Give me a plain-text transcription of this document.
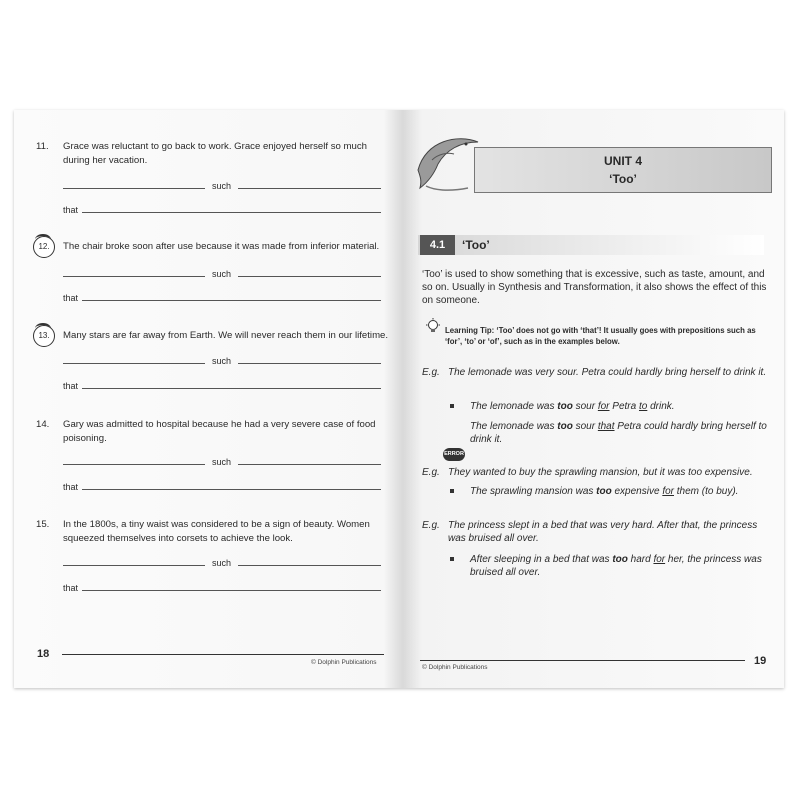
11. Grace was reluctant to go back to work. Grace enjoyed herself so much during her vacation.
such
that
12.	The chair broke soon after use because it was made from inferior material.
such
that
13.	Many stars are far away from Earth. We will never reach them in our lifetime.
such
that
14. Gary was admitted to hospital because he had a very severe case of food poisoning.
such
that
15. In the 1800s, a tiny waist was considered to be a sign of beauty. Women squeezed themselves into corsets to achieve the look.
such
that
18
© Dolphin Publications
UNIT 4
‘Too’
4.1	‘Too’
‘Too’ is used to show something that is excessive, such as taste, amount, and so on. Usually in Synthesis and Transformation, it also shows the effect of this on someone.
Learning Tip: ‘Too’ does not go with ‘that’! It usually goes with prepositions such as ‘for’, ‘to’ or ‘of’, such as in the examples below.
E.g. The lemonade was very sour. Petra could hardly bring herself to drink it.
The lemonade was too sour for Petra to drink.
ERROR
The lemonade was too sour that Petra could hardly bring herself to drink it.
E.g. They wanted to buy the sprawling mansion, but it was too expensive.
The sprawling mansion was too expensive for them (to buy).
E.g. The princess slept in a bed that was very hard. After that, the princess was bruised all over.
After sleeping in a bed that was too hard for her, the princess was bruised all over.
© Dolphin Publications
19
